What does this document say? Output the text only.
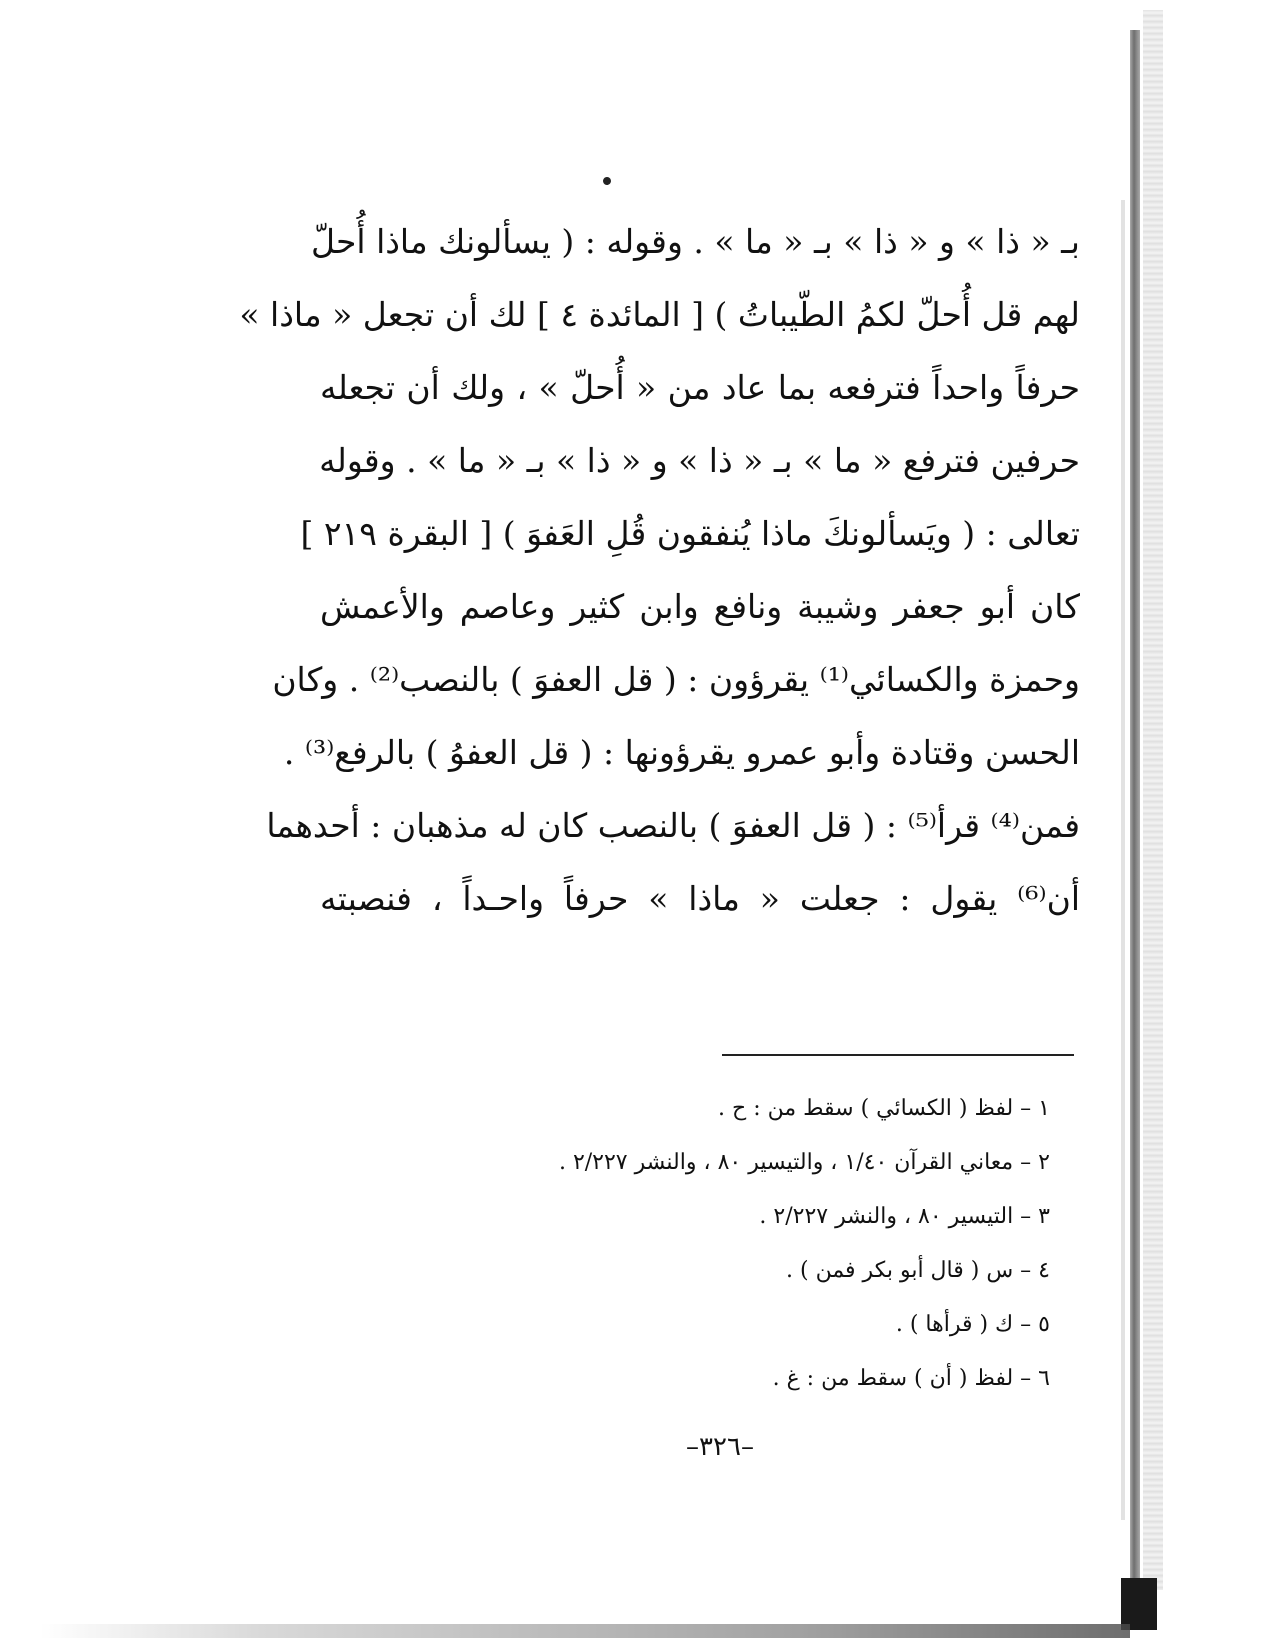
بـ « ذا » و « ذا » بـ « ما » . وقوله : ( يسألونك ماذا أُحلّ
لهم قل أُحلّ لكمُ الطّيباتُ ) [ المائدة ٤ ] لك أن تجعل « ماذا »
حرفاً واحداً فترفعه بما عاد من « أُحلّ » ، ولك أن تجعله
حرفين فترفع « ما » بـ « ذا » و « ذا » بـ « ما » . وقوله
تعالى : ( ويَسألونكَ ماذا يُنفقون قُلِ العَفوَ ) [ البقرة ٢١٩ ]
كان أبو جعفر وشيبة ونافع وابن كثير وعاصم والأعمش
وحمزة والكسائي⁽¹⁾ يقرؤون : ( قل العفوَ ) بالنصب⁽²⁾ . وكان
الحسن وقتادة وأبو عمرو يقرؤونها : ( قل العفوُ ) بالرفع⁽³⁾ .
فمن⁽⁴⁾ قرأ⁽⁵⁾ : ( قل العفوَ ) بالنصب كان له مذهبان : أحدهما
أن⁽⁶⁾ يقول : جعلت « ماذا » حرفاً واحـداً ، فنصبته
١ – لفظ ( الكسائي ) سقط من : ح .
٢ – معاني القرآن ١/٤٠ ، والتيسير ٨٠ ، والنشر ٢/٢٢٧ .
٣ – التيسير ٨٠ ، والنشر ٢/٢٢٧ .
٤ – س ( قال أبو بكر فمن ) .
٥ – ك ( قرأها ) .
٦ – لفظ ( أن ) سقط من : غ .
–٣٢٦–
